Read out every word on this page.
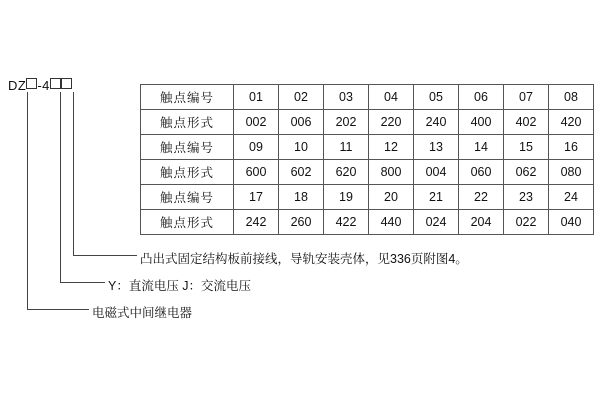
DZ -4
触点编号	01	02	03	04	05	06	07	08
触点形式	002	006	202	220	240	400	402	420
触点编号	09	10	11	12	13	14	15	16
触点形式	600	602	620	800	004	060	062	080
触点编号	17	18	19	20	21	22	23	24
触点形式	242	260	422	440	024	204	022	040
凸出式固定结构板前接线，导轨安装壳体，见336页附图4。
Y：直流电压 J：交流电压
电磁式中间继电器
